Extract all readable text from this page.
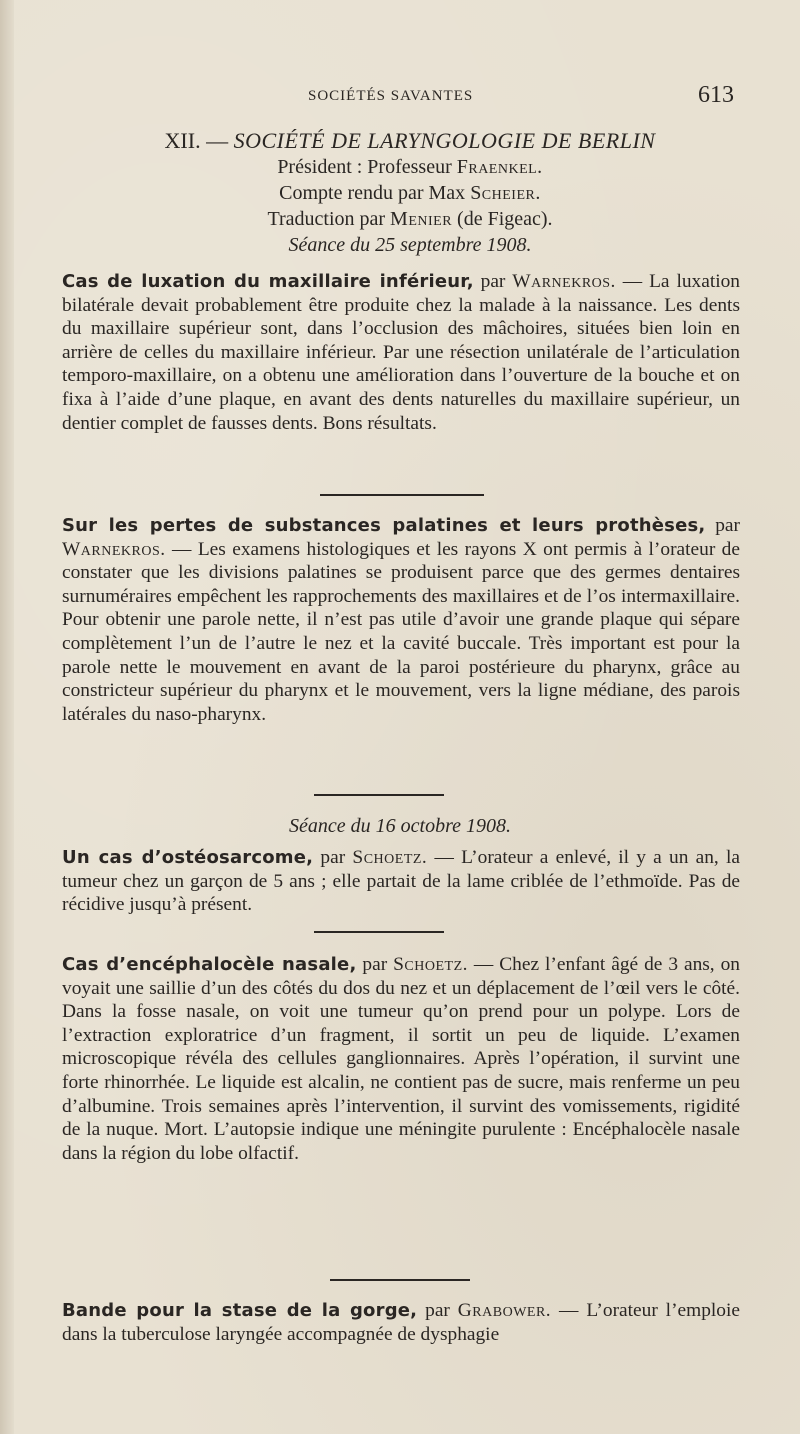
SOCIÉTÉS SAVANTES	613
XII. — SOCIÉTÉ DE LARYNGOLOGIE DE BERLIN
Président : Professeur Fraenkel.
Compte rendu par Max Scheier.
Traduction par Menier (de Figeac).
Séance du 25 septembre 1908.

Cas de luxation du maxillaire inférieur, par Warnekros. — La luxation bilatérale devait probablement être produite chez la malade à la naissance. Les dents du maxillaire supérieur sont, dans l’occlusion des mâchoires, situées bien loin en arrière de celles du maxillaire inférieur. Par une résection unilatérale de l’articulation temporo-maxillaire, on a obtenu une amélioration dans l’ouverture de la bouche et on fixa à l’aide d’une plaque, en avant des dents naturelles du maxillaire supérieur, un dentier complet de fausses dents. Bons résultats.

Sur les pertes de substances palatines et leurs prothèses, par Warnekros. — Les examens histologiques et les rayons X ont permis à l’orateur de constater que les divisions palatines se produisent parce que des germes dentaires surnuméraires empêchent les rapprochements des maxillaires et de l’os intermaxillaire. Pour obtenir une parole nette, il n’est pas utile d’avoir une grande plaque qui sépare complètement l’un de l’autre le nez et la cavité buccale. Très important est pour la parole nette le mouvement en avant de la paroi postérieure du pharynx, grâce au constricteur supérieur du pharynx et le mouvement, vers la ligne médiane, des parois latérales du naso-pharynx.

Séance du 16 octobre 1908.

Un cas d’ostéosarcome, par Schoetz. — L’orateur a enlevé, il y a un an, la tumeur chez un garçon de 5 ans ; elle partait de la lame criblée de l’ethmoïde. Pas de récidive jusqu’à présent.

Cas d’encéphalocèle nasale, par Schoetz. — Chez l’enfant âgé de 3 ans, on voyait une saillie d’un des côtés du dos du nez et un déplacement de l’œil vers le côté. Dans la fosse nasale, on voit une tumeur qu’on prend pour un polype. Lors de l’extraction exploratrice d’un fragment, il sortit un peu de liquide. L’examen microscopique révéla des cellules ganglionnaires. Après l’opération, il survint une forte rhinorrhée. Le liquide est alcalin, ne contient pas de sucre, mais renferme un peu d’albumine. Trois semaines après l’intervention, il survint des vomissements, rigidité de la nuque. Mort. L’autopsie indique une méningite purulente : Encéphalocèle nasale dans la région du lobe olfactif.

Bande pour la stase de la gorge, par Grabower. — L’orateur l’emploie dans la tuberculose laryngée accompagnée de dysphagie
